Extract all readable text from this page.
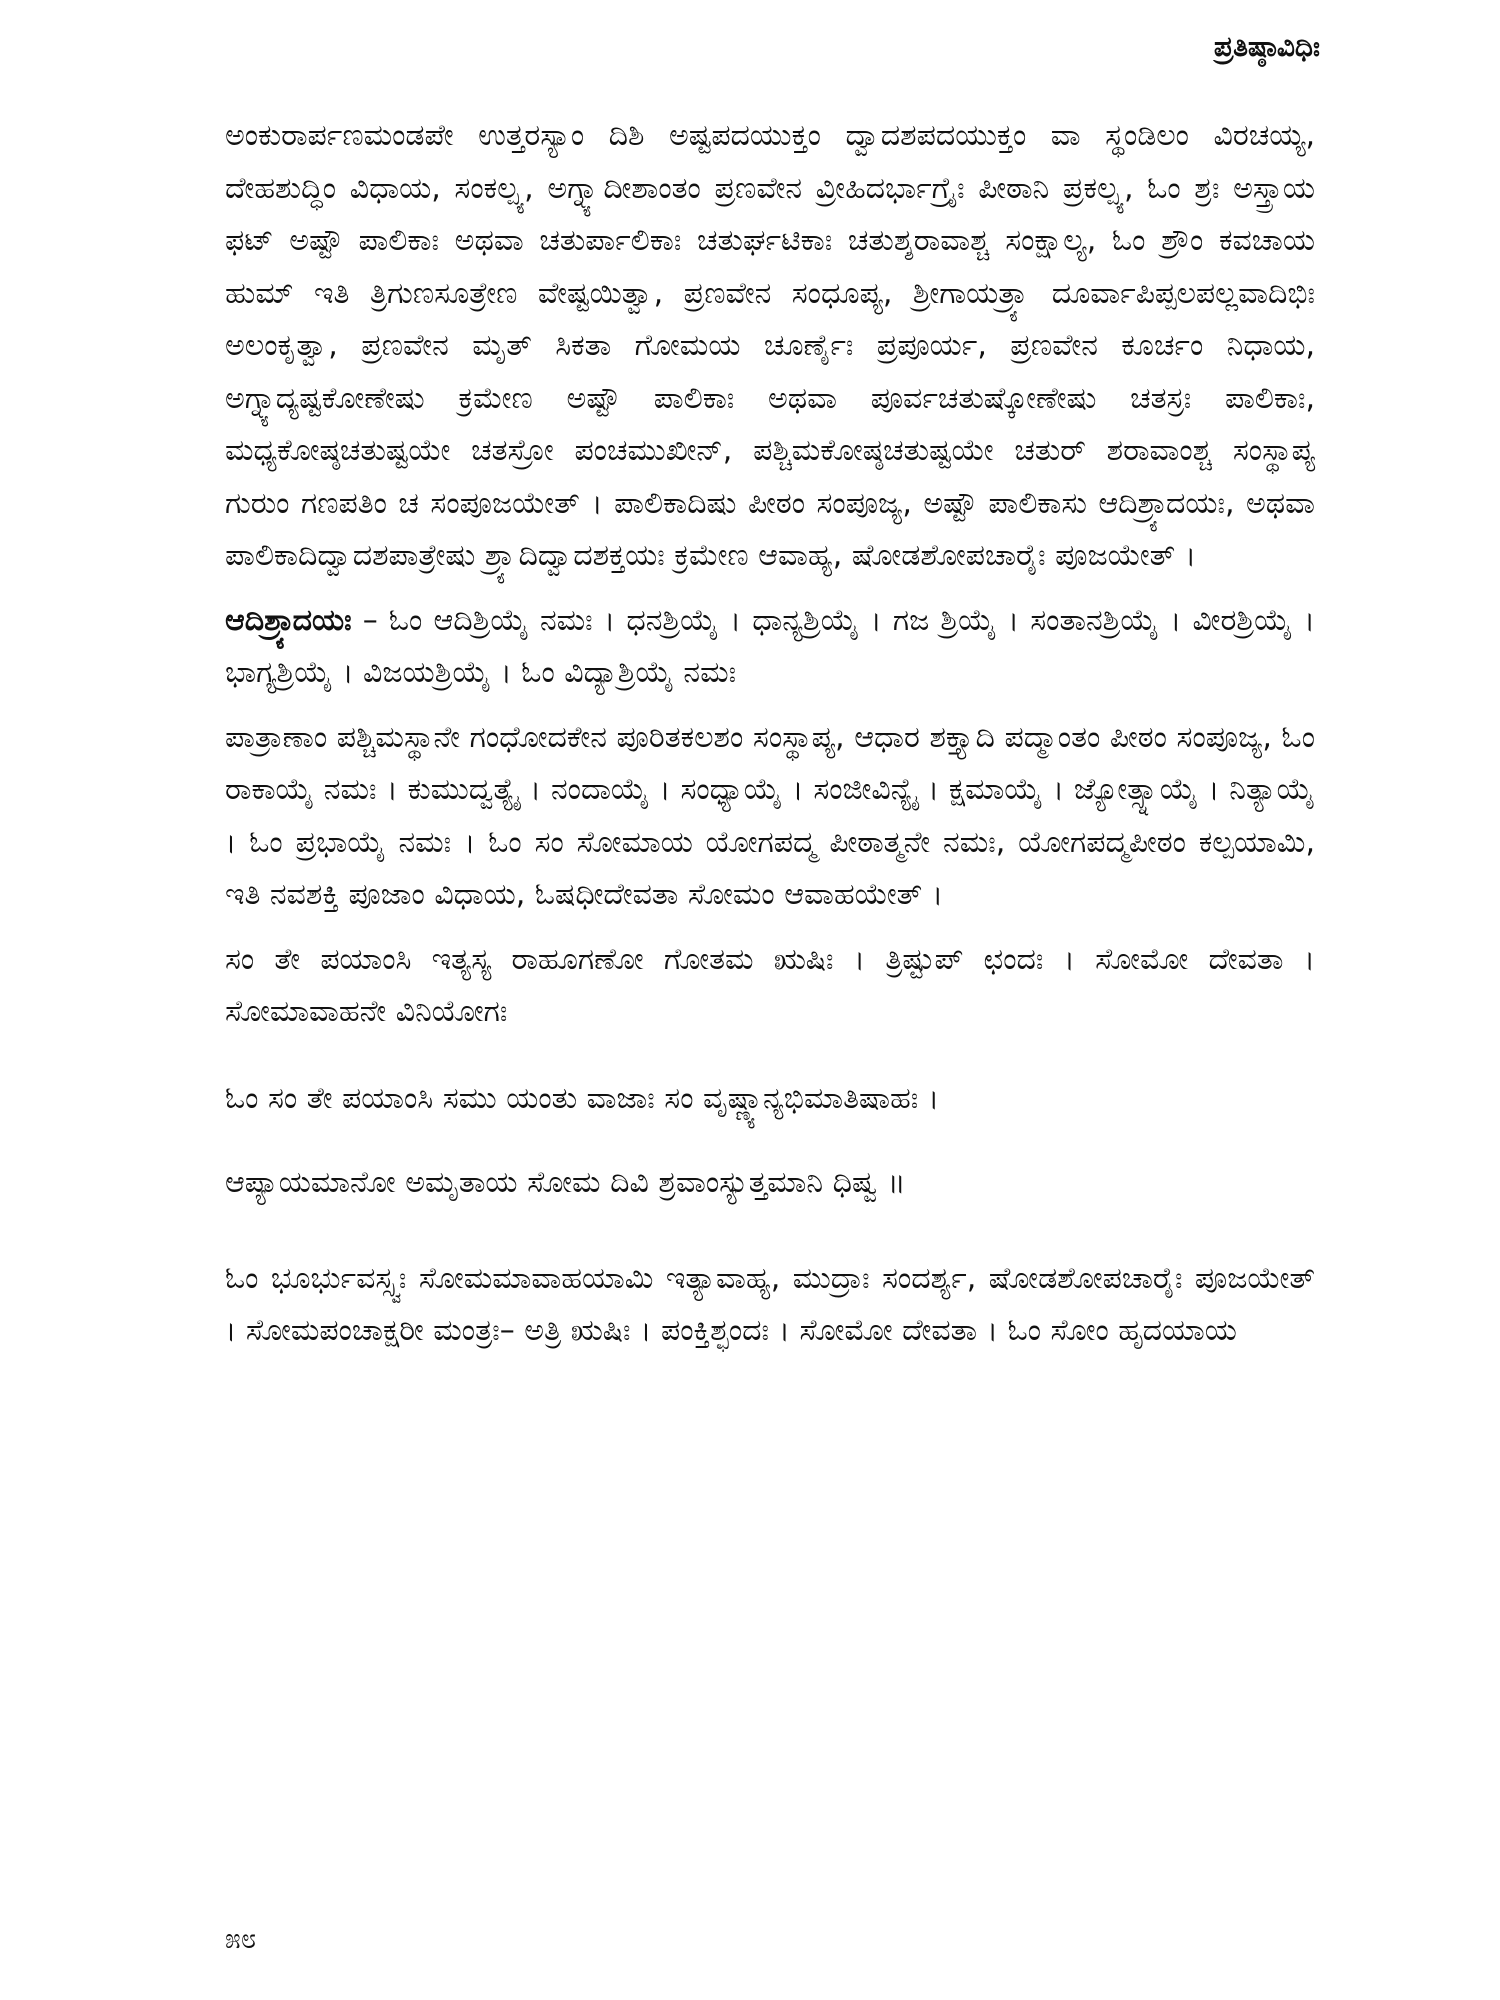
ಪ್ರತಿಷ್ಠಾವಿಧಿಃ

ಅಂಕುರಾರ್ಪಣಮಂಡಪೇ ಉತ್ತರಸ್ಯಾಂ ದಿಶಿ ಅಷ್ಟಪದಯುಕ್ತಂ ದ್ವಾದಶಪದಯುಕ್ತಂ ವಾ ಸ್ಥಂಡಿಲಂ ವಿರಚಯ್ಯ, ದೇಹಶುದ್ಧಿಂ ವಿಧಾಯ, ಸಂಕಲ್ಪ್ಯ, ಅಗ್ನ್ಯಾದೀಶಾಂತಂ ಪ್ರಣವೇನ ವ್ರೀಹಿದರ್ಭಾಗ್ರೈಃ ಪೀಠಾನಿ ಪ್ರಕಲ್ಪ್ಯ, ಓಂ ಶ್ರಃ ಅಸ್ತ್ರಾಯ ಫಟ್ ಅಷ್ಟೌ ಪಾಲಿಕಾಃ ಅಥವಾ ಚತುರ್ಪಾಲಿಕಾಃ ಚತುರ್ಘಟಿಕಾಃ ಚತುಶ್ಶರಾವಾಶ್ಚ ಸಂಕ್ಷಾಲ್ಯ, ಓಂ ಶ್ರೌಂ ಕವಚಾಯ ಹುಮ್ ಇತಿ ತ್ರಿಗುಣಸೂತ್ರೇಣ ವೇಷ್ಟಯಿತ್ವಾ, ಪ್ರಣವೇನ ಸಂಧೂಪ್ಯ, ಶ್ರೀಗಾಯತ್ರ್ಯಾ ದೂರ್ವಾಪಿಪ್ಪಲಪಲ್ಲವಾದಿಭಿಃ ಅಲಂಕೃತ್ವಾ, ಪ್ರಣವೇನ ಮೃತ್ ಸಿಕತಾ ಗೋಮಯ ಚೂರ್ಣೈಃ ಪ್ರಪೂರ್ಯ, ಪ್ರಣವೇನ ಕೂರ್ಚಂ ನಿಧಾಯ, ಅಗ್ನ್ಯಾದ್ಯಷ್ಟಕೋಣೇಷು ಕ್ರಮೇಣ ಅಷ್ಟೌ ಪಾಲಿಕಾಃ ಅಥವಾ ಪೂರ್ವಚತುಷ್ಕೋಣೇಷು ಚತಸ್ರಃ ಪಾಲಿಕಾಃ, ಮಧ್ಯಕೋಷ್ಠಚತುಷ್ಟಯೇ ಚತಸ್ರೋ ಪಂಚಮುಖೀನ್, ಪಶ್ಚಿಮಕೋಷ್ಠಚತುಷ್ಟಯೇ ಚತುರ್ ಶರಾವಾಂಶ್ಚ ಸಂಸ್ಥಾಪ್ಯ ಗುರುಂ ಗಣಪತಿಂ ಚ ಸಂಪೂಜಯೇತ್ । ಪಾಲಿಕಾದಿಷು ಪೀಠಂ ಸಂಪೂಜ್ಯ, ಅಷ್ಟೌ ಪಾಲಿಕಾಸು ಆದಿಶ್ರ್ಯಾದಯಃ, ಅಥವಾ ಪಾಲಿಕಾದಿದ್ವಾದಶಪಾತ್ರೇಷು ಶ್ರ್ಯಾದಿದ್ವಾದಶಕ್ತಯಃ ಕ್ರಮೇಣ ಆವಾಹ್ಯ, ಷೋಡಶೋಪಚಾರೈಃ ಪೂಜಯೇತ್ ।

ಆದಿಶ್ರ್ಯಾದಯಃ – ಓಂ ಆದಿಶ್ರಿಯೈ ನಮಃ । ಧನಶ್ರಿಯೈ । ಧಾನ್ಯಶ್ರಿಯೈ । ಗಜ ಶ್ರಿಯೈ । ಸಂತಾನಶ್ರಿಯೈ । ವೀರಶ್ರಿಯೈ । ಭಾಗ್ಯಶ್ರಿಯೈ । ವಿಜಯಶ್ರಿಯೈ । ಓಂ ವಿದ್ಯಾಶ್ರಿಯೈ ನಮಃ

ಪಾತ್ರಾಣಾಂ ಪಶ್ಚಿಮಸ್ಥಾನೇ ಗಂಧೋದಕೇನ ಪೂರಿತಕಲಶಂ ಸಂಸ್ಥಾಪ್ಯ, ಆಧಾರ ಶಕ್ತ್ಯಾದಿ ಪದ್ಮಾಂತಂ ಪೀಠಂ ಸಂಪೂಜ್ಯ, ಓಂ ರಾಕಾಯೈ ನಮಃ । ಕುಮುದ್ವತ್ಯೈ । ನಂದಾಯೈ । ಸಂಧ್ಯಾಯೈ । ಸಂಜೀವಿನ್ಯೈ । ಕ್ಷಮಾಯೈ । ಜ್ಯೋತ್ಸ್ನಾಯೈ । ನಿತ್ಯಾಯೈ । ಓಂ ಪ್ರಭಾಯೈ ನಮಃ । ಓಂ ಸಂ ಸೋಮಾಯ ಯೋಗಪದ್ಮ ಪೀಠಾತ್ಮನೇ ನಮಃ, ಯೋಗಪದ್ಮಪೀಠಂ ಕಲ್ಪಯಾಮಿ, ಇತಿ ನವಶಕ್ತಿ ಪೂಜಾಂ ವಿಧಾಯ, ಓಷಧೀದೇವತಾ ಸೋಮಂ ಆವಾಹಯೇತ್ ।

ಸಂ ತೇ ಪಯಾಂಸಿ ಇತ್ಯಸ್ಯ ರಾಹೂಗಣೋ ಗೋತಮ ಋಷಿಃ । ತ್ರಿಷ್ಟುಪ್ ಛಂದಃ । ಸೋಮೋ ದೇವತಾ । ಸೋಮಾವಾಹನೇ ವಿನಿಯೋಗಃ

ಓಂ ಸಂ ತೇ ಪಯಾಂಸಿ ಸಮು ಯಂತು ವಾಜಾಃ ಸಂ ವೃಷ್ಣ್ಯಾನ್ಯಭಿಮಾತಿಷಾಹಃ ।

ಆಪ್ಯಾಯಮಾನೋ ಅಮೃತಾಯ ಸೋಮ ದಿವಿ ಶ್ರವಾಂಸ್ಯುತ್ತಮಾನಿ ಧಿಷ್ವ ॥

ಓಂ ಭೂರ್ಭುವಸ್ಸ್ವಃ ಸೋಮಮಾವಾಹಯಾಮಿ ಇತ್ಯಾವಾಹ್ಯ, ಮುದ್ರಾಃ ಸಂದರ್ಶ್ಯ, ಷೋಡಶೋಪಚಾರೈಃ ಪೂಜಯೇತ್ । ಸೋಮಪಂಚಾಕ್ಷರೀ ಮಂತ್ರಃ– ಅತ್ರಿ ಋಷಿಃ । ಪಂಕ್ತಿಶ್ಛಂದಃ । ಸೋಮೋ ದೇವತಾ । ಓಂ ಸೋಂ ಹೃದಯಾಯ

೫೮
